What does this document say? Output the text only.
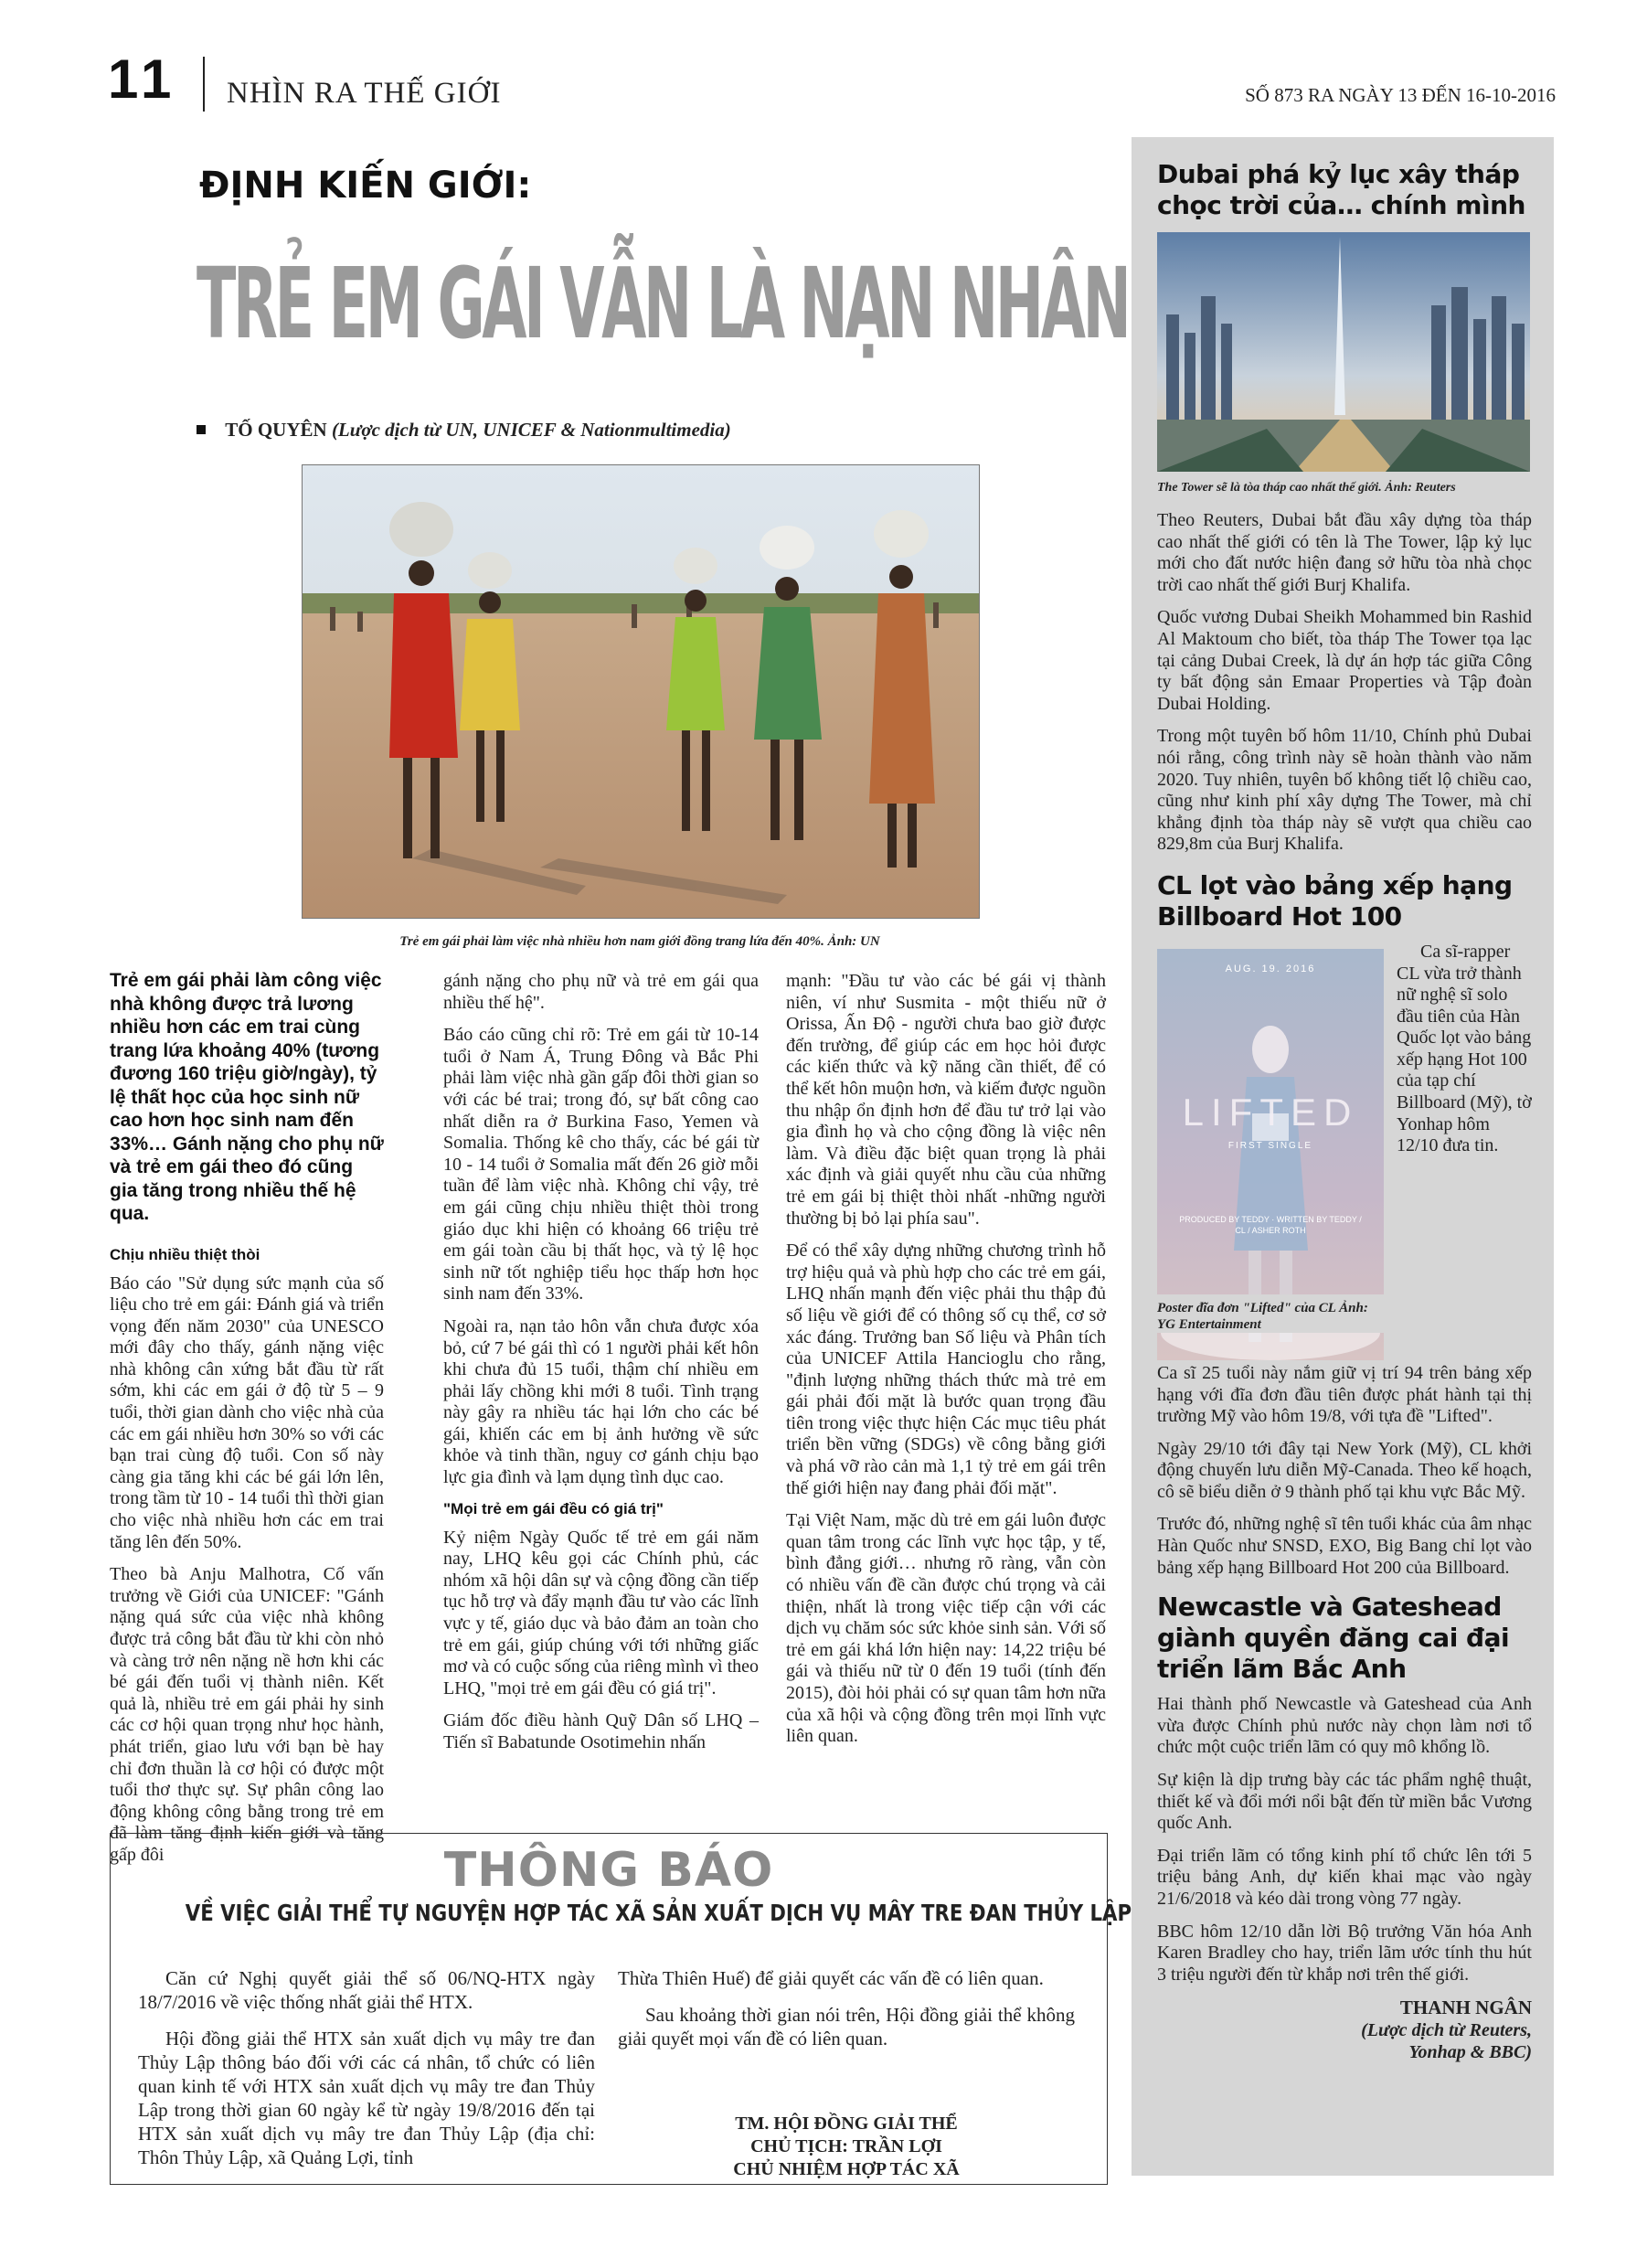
11 NHÌN RA THẾ GIỚI	SỐ 873 RA NGÀY 13 ĐẾN 16-10-2016
ĐỊNH KIẾN GIỚI:
TRẺ EM GÁI VẪN LÀ NẠN NHÂN
TỐ QUYÊN (Lược dịch từ UN, UNICEF & Nationmultimedia)
Trẻ em gái phải làm việc nhà nhiều hơn nam giới đồng trang lứa đến 40%. Ảnh: UN
Trẻ em gái phải làm công việc nhà không được trả lương nhiều hơn các em trai cùng trang lứa khoảng 40% (tương đương 160 triệu giờ/ngày), tỷ lệ thất học của học sinh nữ cao hơn học sinh nam đến 33%… Gánh nặng cho phụ nữ và trẻ em gái theo đó cũng gia tăng trong nhiều thế hệ qua.
Chịu nhiều thiệt thòi

Báo cáo "Sử dụng sức mạnh của số liệu cho trẻ em gái: Đánh giá và triển vọng đến năm 2030" của UNESCO mới đây cho thấy, gánh nặng việc nhà không cân xứng bắt đầu từ rất sớm, khi các em gái ở độ từ 5 – 9 tuổi, thời gian dành cho việc nhà của các em gái nhiều hơn 30% so với các bạn trai cùng độ tuổi. Con số này càng gia tăng khi các bé gái lớn lên, trong tầm từ 10 - 14 tuổi thì thời gian cho việc nhà nhiều hơn các em trai tăng lên đến 50%.

Theo bà Anju Malhotra, Cố vấn trưởng về Giới của UNICEF: "Gánh nặng quá sức của việc nhà không được trả công bắt đầu từ khi còn nhỏ và càng trở nên nặng nề hơn khi các bé gái đến tuổi vị thành niên. Kết quả là, nhiều trẻ em gái phải hy sinh các cơ hội quan trọng như học hành, phát triển, giao lưu với bạn bè hay chỉ đơn thuần là cơ hội có được một tuổi thơ thực sự. Sự phân công lao động không công bằng trong trẻ em đã làm tăng định kiến giới và tăng gấp đôi

gánh nặng cho phụ nữ và trẻ em gái qua nhiều thế hệ".

Báo cáo cũng chỉ rõ: Trẻ em gái từ 10-14 tuổi ở Nam Á, Trung Đông và Bắc Phi phải làm việc nhà gần gấp đôi thời gian so với các bé trai; trong đó, sự bất công cao nhất diễn ra ở Burkina Faso, Yemen và Somalia. Thống kê cho thấy, các bé gái từ 10 - 14 tuổi ở Somalia mất đến 26 giờ mỗi tuần để làm việc nhà. Không chỉ vậy, trẻ em gái cũng chịu nhiều thiệt thòi trong giáo dục khi hiện có khoảng 66 triệu trẻ em gái toàn cầu bị thất học, và tỷ lệ học sinh nữ tốt nghiệp tiểu học thấp hơn học sinh nam đến 33%.

Ngoài ra, nạn tảo hôn vẫn chưa được xóa bỏ, cứ 7 bé gái thì có 1 người phải kết hôn khi chưa đủ 15 tuổi, thậm chí nhiều em phải lấy chồng khi mới 8 tuổi. Tình trạng này gây ra nhiều tác hại lớn cho các bé gái, khiến các em bị ảnh hưởng về sức khỏe và tinh thần, nguy cơ gánh chịu bạo lực gia đình và lạm dụng tình dục cao.

"Mọi trẻ em gái đều có giá trị"

Kỷ niệm Ngày Quốc tế trẻ em gái năm nay, LHQ kêu gọi các Chính phủ, các nhóm xã hội dân sự và cộng đồng cần tiếp tục hỗ trợ và đẩy mạnh đầu tư vào các lĩnh vực y tế, giáo dục và bảo đảm an toàn cho trẻ em gái, giúp chúng với tới những giấc mơ và có cuộc sống của riêng mình vì theo LHQ, "mọi trẻ em gái đều có giá trị".

Giám đốc điều hành Quỹ Dân số LHQ – Tiến sĩ Babatunde Osotimehin nhấn

mạnh: "Đầu tư vào các bé gái vị thành niên, ví như Susmita - một thiếu nữ ở Orissa, Ấn Độ - người chưa bao giờ được đến trường, để giúp các em học hỏi được các kiến thức và kỹ năng cần thiết, để có thể kết hôn muộn hơn, và kiếm được nguồn thu nhập ổn định hơn để đầu tư trở lại vào gia đình họ và cho cộng đồng là việc nên làm. Và điều đặc biệt quan trọng là phải xác định và giải quyết nhu cầu của những trẻ em gái bị thiệt thòi nhất -những người thường bị bỏ lại phía sau".

Để có thể xây dựng những chương trình hỗ trợ hiệu quả và phù hợp cho các trẻ em gái, LHQ nhấn mạnh đến việc phải thu thập đủ số liệu về giới để có thông số cụ thể, cơ sở xác đáng. Trưởng ban Số liệu và Phân tích của UNICEF Attila Hancioglu cho rằng, "định lượng những thách thức mà trẻ em gái phải đối mặt là bước quan trọng đầu tiên trong việc thực hiện Các mục tiêu phát triển bền vững (SDGs) về công bằng giới và phá vỡ rào cản mà 1,1 tỷ trẻ em gái trên thế giới hiện nay đang phải đối mặt".

Tại Việt Nam, mặc dù trẻ em gái luôn được quan tâm trong các lĩnh vực học tập, y tế, bình đẳng giới… nhưng rõ ràng, vẫn còn có nhiều vấn đề cần được chú trọng và cải thiện, nhất là trong việc tiếp cận với các dịch vụ chăm sóc sức khỏe sinh sản. Với số trẻ em gái khá lớn hiện nay: 14,22 triệu bé gái và thiếu nữ từ 0 đến 19 tuổi (tính đến 2015), đòi hỏi phải có sự quan tâm hơn nữa của xã hội và cộng đồng trên mọi lĩnh vực liên quan.

THÔNG BÁO
VỀ VIỆC GIẢI THỂ TỰ NGUYỆN HỢP TÁC XÃ SẢN XUẤT DỊCH VỤ MÂY TRE ĐAN THỦY LẬP

Căn cứ Nghị quyết giải thể số 06/NQ-HTX ngày 18/7/2016 về việc thống nhất giải thể HTX.

Hội đồng giải thể HTX sản xuất dịch vụ mây tre đan Thủy Lập thông báo đối với các cá nhân, tổ chức có liên quan kinh tế với HTX sản xuất dịch vụ mây tre đan Thủy Lập trong thời gian 60 ngày kể từ ngày 19/8/2016 đến tại HTX sản xuất dịch vụ mây tre đan Thủy Lập (địa chỉ: Thôn Thủy Lập, xã Quảng Lợi, tỉnh

Thừa Thiên Huế) để giải quyết các vấn đề có liên quan.

Sau khoảng thời gian nói trên, Hội đồng giải thể không giải quyết mọi vấn đề có liên quan.

TM. HỘI ĐỒNG GIẢI THỂ
CHỦ TỊCH: TRẦN LỢI
CHỦ NHIỆM HỢP TÁC XÃ
Dubai phá kỷ lục xây tháp chọc trời của… chính mình
The Tower sẽ là tòa tháp cao nhất thế giới. Ảnh: Reuters

Theo Reuters, Dubai bắt đầu xây dựng tòa tháp cao nhất thế giới có tên là The Tower, lập kỷ lục mới cho đất nước hiện đang sở hữu tòa nhà chọc trời cao nhất thế giới Burj Khalifa.

Quốc vương Dubai Sheikh Mohammed bin Rashid Al Maktoum cho biết, tòa tháp The Tower tọa lạc tại cảng Dubai Creek, là dự án hợp tác giữa Công ty bất động sản Emaar Properties và Tập đoàn Dubai Holding.

Trong một tuyên bố hôm 11/10, Chính phủ Dubai nói rằng, công trình này sẽ hoàn thành vào năm 2020. Tuy nhiên, tuyên bố không tiết lộ chiều cao, cũng như kinh phí xây dựng The Tower, mà chỉ khẳng định tòa tháp này sẽ vượt qua chiều cao 829,8m của Burj Khalifa.

CL lọt vào bảng xếp hạng Billboard Hot 100
AUG. 19. 2016
LIFTED
FIRST SINGLE
PRODUCED BY TEDDY · WRITTEN BY TEDDY / CL / ASHER ROTH
Poster đĩa đơn "Lifted" của CL Ảnh: YG Entertainment

Ca sĩ-rapper CL vừa trở thành nữ nghệ sĩ solo đầu tiên của Hàn Quốc lọt vào bảng xếp hạng Hot 100 của tạp chí Billboard (Mỹ), tờ Yonhap hôm 12/10 đưa tin.

Ca sĩ 25 tuổi này nắm giữ vị trí 94 trên bảng xếp hạng với đĩa đơn đầu tiên được phát hành tại thị trường Mỹ vào hôm 19/8, với tựa đề "Lifted".

Ngày 29/10 tới đây tại New York (Mỹ), CL khởi động chuyến lưu diễn Mỹ-Canada. Theo kế hoạch, cô sẽ biểu diễn ở 9 thành phố tại khu vực Bắc Mỹ.

Trước đó, những nghệ sĩ tên tuổi khác của âm nhạc Hàn Quốc như SNSD, EXO, Big Bang chỉ lọt vào bảng xếp hạng Billboard Hot 200 của Billboard.

Newcastle và Gateshead giành quyền đăng cai đại triển lãm Bắc Anh

Hai thành phố Newcastle và Gateshead của Anh vừa được Chính phủ nước này chọn làm nơi tổ chức một cuộc triển lãm có quy mô khổng lồ.

Sự kiện là dịp trưng bày các tác phẩm nghệ thuật, thiết kế và đổi mới nổi bật đến từ miền bắc Vương quốc Anh.

Đại triển lãm có tổng kinh phí tổ chức lên tới 5 triệu bảng Anh, dự kiến khai mạc vào ngày 21/6/2018 và kéo dài trong vòng 77 ngày.

BBC hôm 12/10 dẫn lời Bộ trưởng Văn hóa Anh Karen Bradley cho hay, triển lãm ước tính thu hút 3 triệu người đến từ khắp nơi trên thế giới.

THANH NGÂN
(Lược dịch từ Reuters, Yonhap & BBC)
